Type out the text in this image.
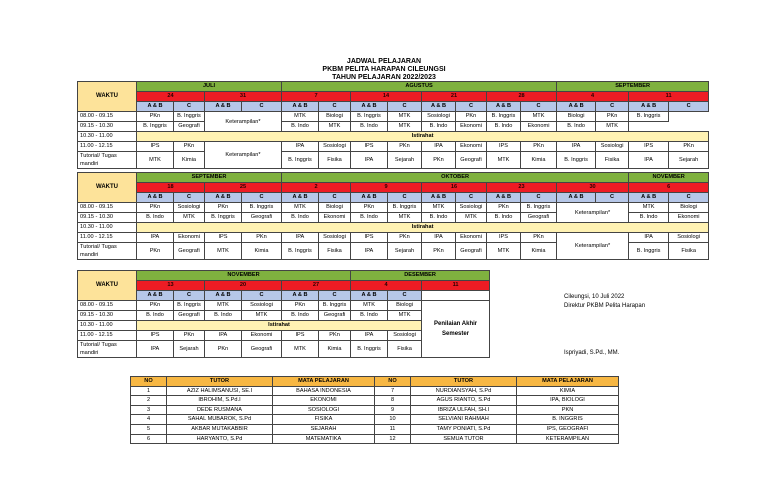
JADWAL PELAJARAN
PKBM PELITA HARAPAN CILEUNGSI
TAHUN PELAJARAN 2022/2023
WAKTU	JULI				AGUSTUS								SEPTEMBER			
	24		31		7		14		21		28		4		11	
	A & B	C	A & B	C	A & B	C	A & B	C	A & B	C	A & B	C	A & B	C	A & B	C
08.00 - 09.15	PKn	B. Inggris	Keterampilan*		MTK	Biologi	B. Inggris	MTK	Sosiologi	PKn	B. Inggris	MTK	Biologi	PKn	B. Inggris	
09.15 - 10.30	B. Inggris	Geografi			B. Indo	MTK	B. Indo	MTK	B. Indo	Ekonomi	B. Indo	Ekonomi	B. Indo	MTK		
10.30 - 11.00	Istirahat															
11.00 - 12.15	IPS	PKn	Keterampilan*		IPA	Sosiologi	IPS	PKn	IPA	Ekonomi	IPS	PKn	IPA	Sosiologi	IPS	PKn
Tutorial/ Tugas mandiri	MTK	Kimia			B. Inggris	Fisika	IPA	Sejarah	PKn	Geografi	MTK	Kimia	B. Inggris	Fisika	IPA	Sejarah
WAKTU	SEPTEMBER				OKTOBER										NOVEMBER	
	18		25		2		9		16		23		30		6	
	A & B	C	A & B	C	A & B	C	A & B	C	A & B	C	A & B	C	A & B	C	A & B	C
08.00 - 09.15	PKn	Sosiologi	PKn	B. Inggris	MTK	Biologi	PKn	B. Inggris	MTK	Sosiologi	PKn	B. Inggris	Keterampilan*		MTK	Biologi
09.15 - 10.30	B. Indo	MTK	B. Inggris	Geografi	B. Indo	Ekonomi	B. Indo	MTK	B. Indo	MTK	B. Indo	Geografi			B. Indo	Ekonomi
10.30 - 11.00	Istirahat															
11.00 - 12.15	IPA	Ekonomi	IPS	PKn	IPA	Sosiologi	IPS	PKn	IPA	Ekonomi	IPS	PKn	Keterampilan*		IPA	Sosiologi
Tutorial/ Tugas mandiri	PKn	Geografi	MTK	Kimia	B. Inggris	Fisika	IPA	Sejarah	PKn	Geografi	MTK	Kimia			B. Inggris	Fisika
WAKTU	NOVEMBER						DESEMBER		
	13		20		27		4		11
	A & B	C	A & B	C	A & B	C	A & B	C	
08.00 - 09.15	PKn	B. Inggris	MTK	Sosiologi	PKn	B. Inggris	MTK	Biologi	Penilaian Akhir Semester
09.15 - 10.30	B. Indo	Geografi	B. Indo	MTK	B. Indo	Geografi	B. Indo	MTK	
10.30 - 11.00	Istirahat								
11.00 - 12.15	IPS	PKn	IPA	Ekonomi	IPS	PKn	IPA	Sosiologi	
Tutorial/ Tugas mandiri	IPA	Sejarah	PKn	Geografi	MTK	Kimia	B. Inggris	Fisika	
Cileungsi, 10 Juli 2022
Direktur PKBM Pelita Harapan
Ispriyadi, S.Pd., MM.
NO	TUTOR	MATA PELAJARAN	NO	TUTOR	MATA PELAJARAN
1	AZIZ HALIMSANUSI, SE.I	BAHASA INDONESIA	7	NURDIANSYAH, S.Pd	KIMIA
2	IBROHIM, S.Pd.I	EKONOMI	8	AGUS RIANTO, S.Pd	IPA, BIOLOGI
3	DEDE RUSMANA	SOSIOLOGI	9	IBRIZA ULFAH, SH.I	PKN
4	SAHAL MUBAROK, S.Pd	FISIKA	10	SELVIANI RAHMAH	B. INGGRIS
5	AKBAR MUTAKABBIR	SEJARAH	11	TAMY PONIATI, S.Pd	IPS, GEOGRAFI
6	HARYANTO, S.Pd	MATEMATIKA	12	SEMUA TUTOR	KETERAMPILAN
